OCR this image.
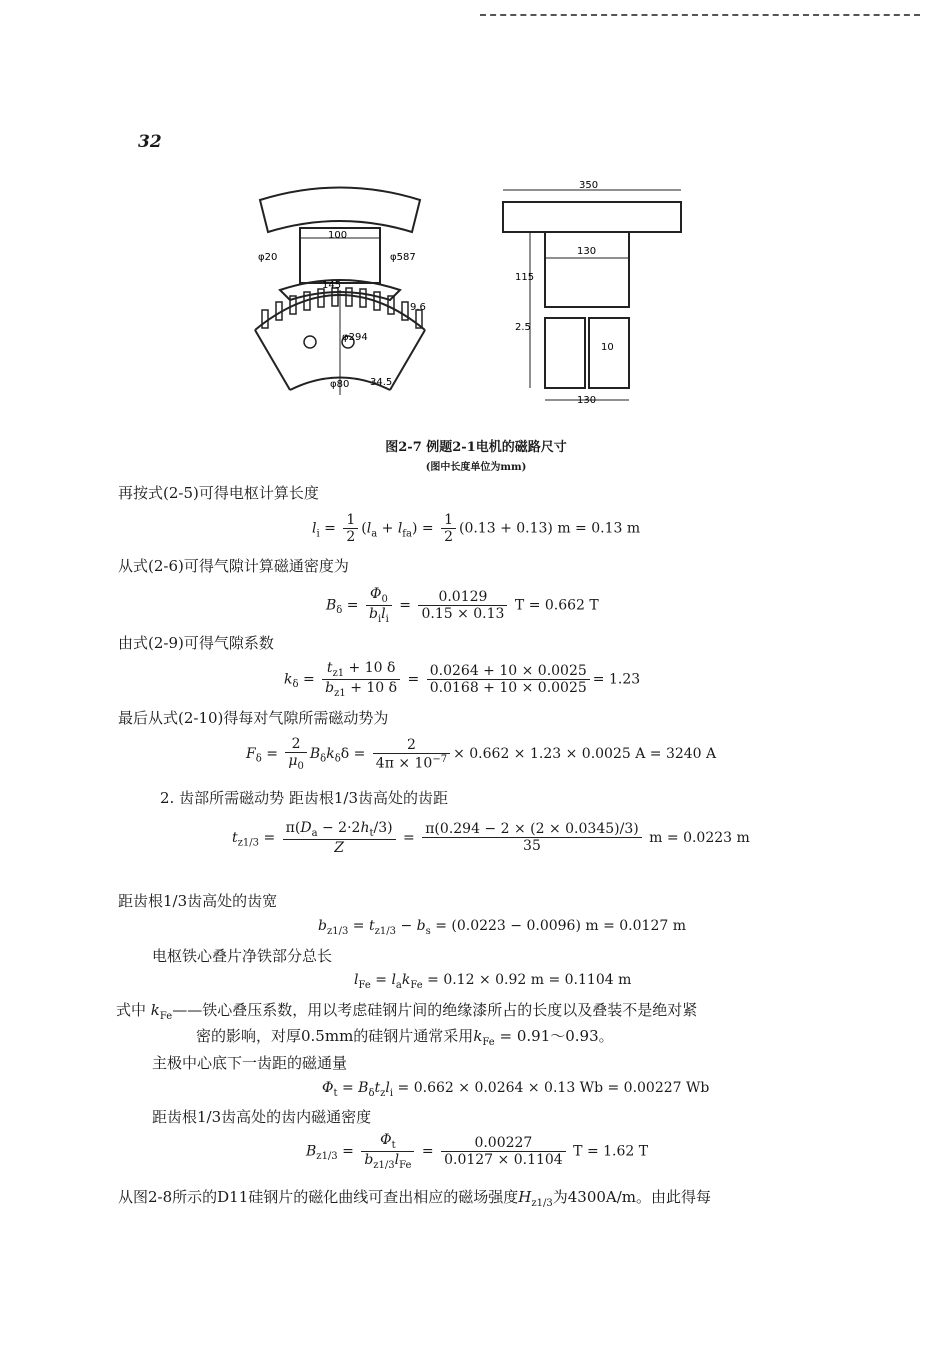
32
100
145
φ294
φ587
φ80 34.5
9.6
φ20
350
130
115
2.5
10
130
图2-7 例题2-1电机的磁路尺寸
(图中长度单位为mm)
再按式(2-5)可得电枢计算长度
$l_i = \frac{1}{2} (l_a + l_{fa}) = \frac{1}{2} (0.13 + 0.13) m = 0.13$ m
从式(2-6)可得气隙计算磁通密度为
$B_\delta = \frac{\Phi_0}{b_il_i} = \frac{0.0129}{0.15 \times 0.13}$ T = 0.662 T
由式(2-9)可得气隙系数
$k_\delta = \frac{t_{z1} + 10 \delta}{b_{z1} + 10 \delta} = \frac{0.0264 + 10 \times 0.0025}{0.0168 + 10 \times 0.0025} = 1.23$
最后从式(2-10)得每对气隙所需磁动势为
$F_\delta = \frac{2}{\mu_0} B_\delta k_\delta\delta = \frac{2}{4\pi \times 10^{-7}} \times 0.662 \times 1.23 \times 0.0025$ A = 3240 A
2. 齿部所需磁动势 距齿根1/3齿高处的齿距
$t_{z1/3} = \frac{\pi(D_a - 2\cdot 2h_t/3)}{Z} = \frac{\pi(0.294 - 2 \times (2 \times 0.0345)/3)}{35}$ m = 0.0223 m
距齿根1/3齿高处的齿宽
$b_{z1/3} = t_{z1/3} - b_s = (0.0223 - 0.0096) m = 0.0127$ m
电枢铁心叠片净铁部分总长
$l_{Fe} = l_ak_{Fe} = 0.12 \times 0.92$ m = 0.1104 m
式中 $k_{Fe}——$铁心叠压系数，用以考虑硅钢片间的绝缘漆所占的长度以及叠装不是绝对紧
密的影响，对厚0.5mm的硅钢片通常采用$k_{Fe}$ = 0.91～0.93。
主极中心底下一齿距的磁通量
$\Phi_t = B_\delta t_zl_i = 0.662 \times 0.0264 \times 0.13$ Wb = 0.00227 Wb
距齿根1/3齿高处的齿内磁通密度
$B_{z1/3} = \frac{\Phi_t}{b_{z1/3}l_{Fe}} = \frac{0.00227}{0.0127 \times 0.1104}$ T = 1.62 T
从图2-8所示的D11硅钢片的磁化曲线可查出相应的磁场强度$H_{z1/3}$为4300A/m。由此得每
